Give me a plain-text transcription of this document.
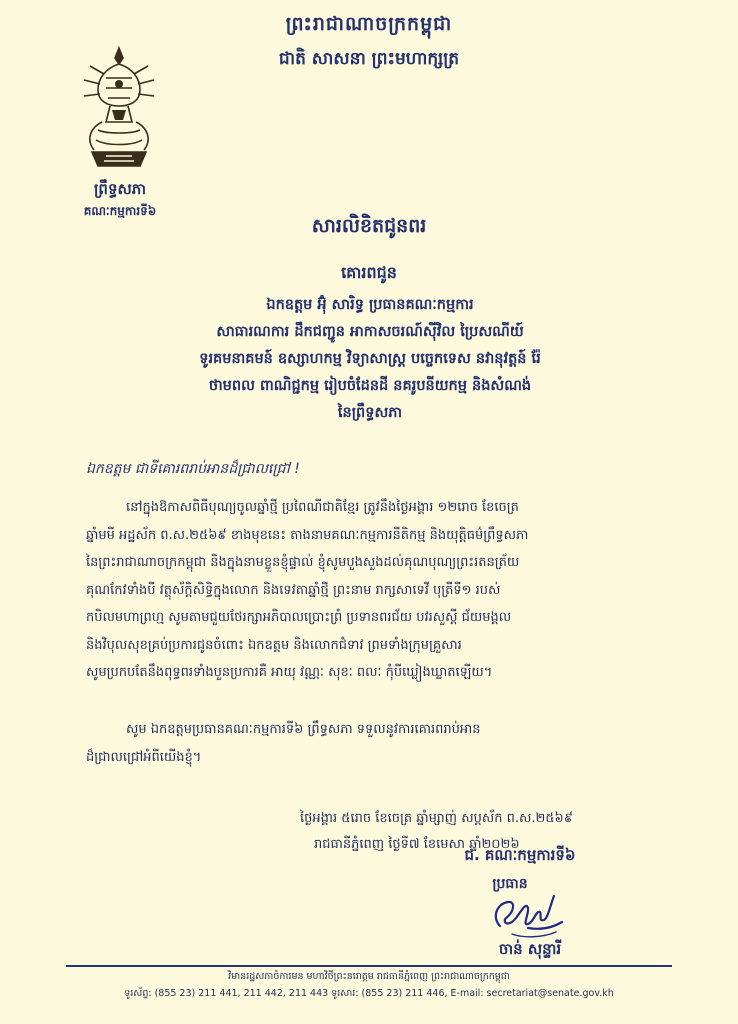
ព្រះរាជាណាចក្រកម្ពុជា
ជាតិ សាសនា ព្រះមហាក្សត្រ
ព្រឹទ្ធសភា
គណៈកម្មការទី៦
សារលិខិតជូនពរ
គោរពជូន
ឯកឧត្តម អ៊ុំ សារិទ្ធ ប្រធានគណៈកម្មការ
សាធារណការ ដឹកជញ្ជូន អាកាសចរណ៍ស៊ីវិល ប្រៃសណីយ៍
ទូរគមនាគមន៍ ឧស្សាហកម្ម វិទ្យាសាស្ត្រ បច្ចេកទេស នវានុវត្តន៍ រ៉ែ
ថាមពល ពាណិជ្ជកម្ម រៀបចំដែនដី នគរូបនីយកម្ម និងសំណង់
នៃព្រឹទ្ធសភា
ឯកឧត្តម ជាទីគោរពរាប់អានដ៏ជ្រាលជ្រៅ !
នៅក្នុងឱកាសពិធីបុណ្យចូលឆ្នាំថ្មី ប្រពៃណីជាតិខ្មែរ ត្រូវនឹងថ្ងៃអង្គារ ១២រោច ខែចេត្រ
ឆ្នាំមមី អដ្ឋស័ក ព.ស.២៥៦៩ ខាងមុខនេះ តាងនាមគណៈកម្មការនីតិកម្ម និងយុត្តិធម៌ព្រឹទ្ធសភា
នៃព្រះរាជាណាចក្រកម្ពុជា និងក្នុងនាមខ្លួនខ្ញុំផ្ទាល់ ខ្ញុំសូមបួងសួងដល់គុណបុណ្យព្រះរតនត្រ័យ
គុណកែវទាំងបី វត្ថុស័ក្តិសិទ្ធិក្នុងលោក និងទេវតាឆ្នាំថ្មី ព្រះនាម រាក្សសាទេវី បុត្រីទី១ របស់
កបិលមហាព្រហ្ម សូមតាមជួយថែរក្សាអភិបាលប្រោះព្រំ ប្រទានពរជ័យ បវរសួស្តី ជ័យមង្គល
និងវិបុលសុខគ្រប់ប្រការជូនចំពោះ ឯកឧត្តម និងលោកជំទាវ ព្រមទាំងក្រុមគ្រួសារ
សូមប្រកបតែនឹងពុទ្ធពរទាំងបួនប្រការគឺ អាយុ វណ្ណៈ សុខៈ ពលៈ កុំបីឃ្លៀងឃ្លាតឡើយ។
សូម ឯកឧត្តមប្រធានគណៈកម្មការទី៦ ព្រឹទ្ធសភា ទទួលនូវការគោរពរាប់អាន
ដ៏ជ្រាលជ្រៅអំពីយើងខ្ញុំ។
ថ្ងៃអង្គារ ៥រោច ខែចេត្រ ឆ្នាំម្សាញ់ សប្តស័ក ព.ស.២៥៦៩
រាជធានីភ្នំពេញ ថ្ងៃទី៧ ខែមេសា ឆ្នាំ២០២៦
ជ. គណៈកម្មការទី៦
ប្រធាន
ចាន់ សុន្ទារី
វិមានរដ្ឋសភាចំការមន មហាវិថីព្រះនរោត្តម រាជធានីភ្នំពេញ ព្រះរាជាណាចក្រកម្ពុជា
ទូរស័ព្ទ: (855 23) 211 441, 211 442, 211 443 ទូរសារ: (855 23) 211 446, E-mail: secretariat@senate.gov.kh
